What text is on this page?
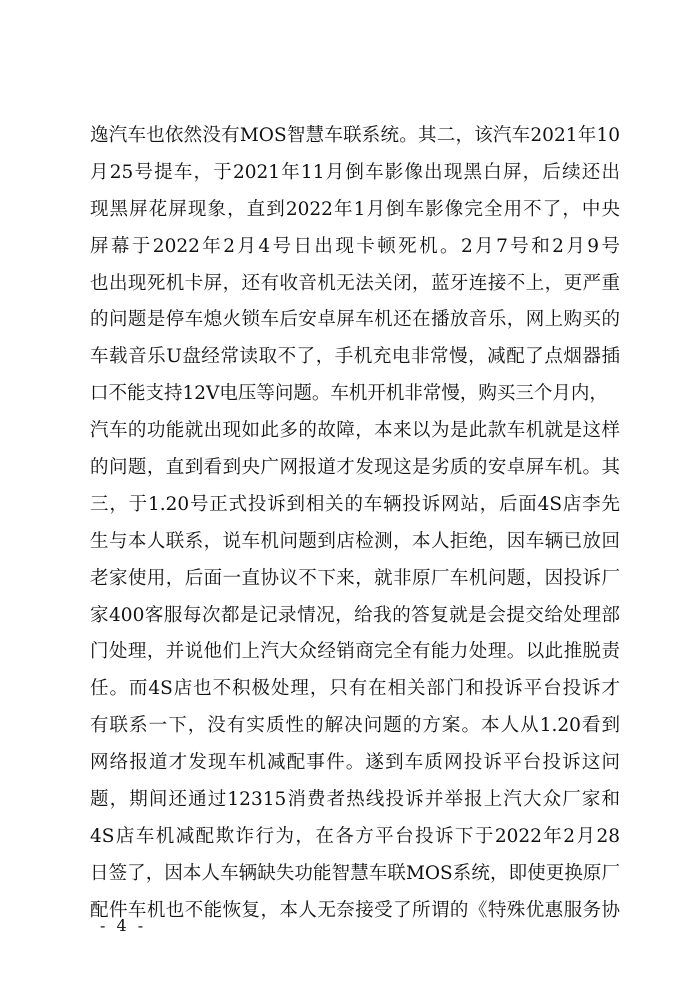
逸汽车也依然没有MOS智慧车联系统。其二，该汽车2021年10
月25号提车，于2021年11月倒车影像出现黑白屏，后续还出
现黑屏花屏现象，直到2022年1月倒车影像完全用不了，中央
屏幕于2022年2月4号日出现卡顿死机。2月7号和2月9号
也出现死机卡屏，还有收音机无法关闭，蓝牙连接不上，更严重
的问题是停车熄火锁车后安卓屏车机还在播放音乐，网上购买的
车载音乐U盘经常读取不了，手机充电非常慢，减配了点烟器插
口不能支持12V电压等问题。车机开机非常慢，购买三个月内，
汽车的功能就出现如此多的故障，本来以为是此款车机就是这样
的问题，直到看到央广网报道才发现这是劣质的安卓屏车机。其
三，于1.20号正式投诉到相关的车辆投诉网站，后面4S店李先
生与本人联系，说车机问题到店检测，本人拒绝，因车辆已放回
老家使用，后面一直协议不下来，就非原厂车机问题，因投诉厂
家400客服每次都是记录情况，给我的答复就是会提交给处理部
门处理，并说他们上汽大众经销商完全有能力处理。以此推脱责
任。而4S店也不积极处理，只有在相关部门和投诉平台投诉才
有联系一下，没有实质性的解决问题的方案。本人从1.20看到
网络报道才发现车机减配事件。遂到车质网投诉平台投诉这问
题，期间还通过12315消费者热线投诉并举报上汽大众厂家和
4S店车机减配欺诈行为，在各方平台投诉下于2022年2月28
日签了，因本人车辆缺失功能智慧车联MOS系统，即使更换原厂
配件车机也不能恢复，本人无奈接受了所谓的《特殊优惠服务协
- 4 -
